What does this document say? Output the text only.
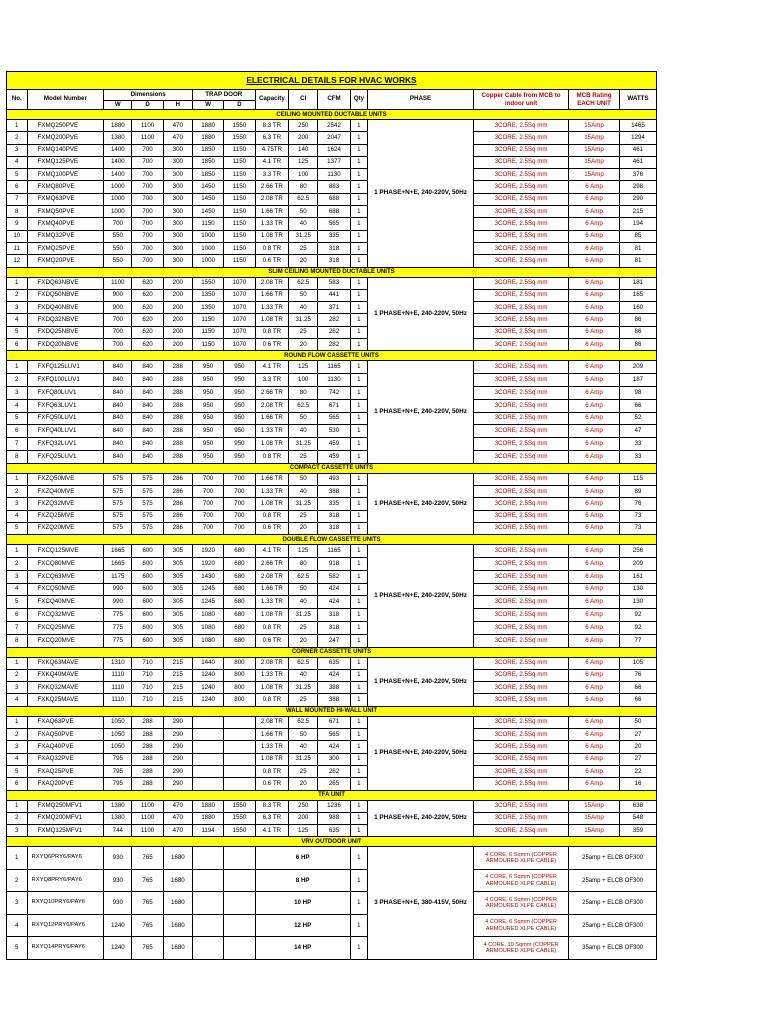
ELECTRICAL DETAILS FOR HVAC WORKS														
No.	Model Number	Dimensions			TRAP DOOR		Capacity	CI	CFM	Qty	PHASE	Copper Cable from MCB to indoor unit	MCB Rating EACH UNIT	WATTS
		W	D	H	W	D								
CEILING MOUNTED DUCTABLE UNITS														
1	FXMQ250PVE	1880	1100	470	1880	1550	8.3 TR	250	2542	1	1 PHASE+N+E, 240-220V, 50Hz	3CORE, 2.5Sq mm	15Amp	1465
2	FXMQ200PVE	1380	1100	470	1880	1550	6.3 TR	200	2047	1		3CORE, 2.5Sq mm	15Amp	1294
3	FXMQ140PVE	1400	700	300	1850	1150	4.75TR	140	1624	1		3CORE, 2.5Sq mm	15Amp	461
4	FXMQ125PVE	1400	700	300	1850	1150	4.1 TR	125	1377	1		3CORE, 2.5Sq mm	15Amp	461
5	FXMQ100PVE	1400	700	300	1850	1150	3.3 TR	100	1130	1		3CORE, 2.5Sq mm	15Amp	376
6	FXMQ80PVE	1000	700	300	1450	1150	2.66 TR	80	883	1		3CORE, 2.5Sq mm	6 Amp	298
7	FXMQ63PVE	1000	700	300	1450	1150	2.08 TR	62.5	688	1		3CORE, 2.5Sq mm	6 Amp	290
8	FXMQ50PVE	1000	700	300	1450	1150	1.66 TR	50	688	1		3CORE, 2.5Sq mm	6 Amp	215
9	FXMQ40PVE	700	700	300	1150	1150	1.33 TR	40	565	1		3CORE, 2.5Sq mm	6 Amp	194
10	FXMQ32PVE	550	700	300	1000	1150	1.08 TR	31.25	335	1		3CORE, 2.5Sq mm	6 Amp	85
11	FXMQ25PVE	550	700	300	1000	1150	0.8 TR	25	318	1		3CORE, 2.5Sq mm	6 Amp	81
12	FXMQ20PVE	550	700	300	1000	1150	0.6 TR	20	318	1		3CORE, 2.5Sq mm	6 Amp	81
SLIM CEILING MOUNTED DUCTABLE UNITS														
1	FXDQ63NBVE	1100	620	200	1550	1070	2.08 TR	62.5	583	1	1 PHASE+N+E, 240-220V, 50Hz	3CORE, 2.5Sq mm	6 Amp	181
2	FXDQ50NBVE	900	620	200	1350	1070	1.66 TR	50	441	1		3CORE, 2.5Sq mm	6 Amp	165
3	FXDQ40NBVE	900	620	200	1350	1070	1.33 TR	40	371	1		3CORE, 2.5Sq mm	6 Amp	160
4	FXDQ32NBVE	700	620	200	1150	1070	1.08 TR	31.25	282	1		3CORE, 2.5Sq mm	6 Amp	86
5	FXDQ25NBVE	700	620	200	1150	1070	0.8 TR	25	282	1		3CORE, 2.5Sq mm	6 Amp	86
6	FXDQ20NBVE	700	620	200	1150	1070	0.6 TR	20	282	1		3CORE, 2.5Sq mm	6 Amp	86
ROUND FLOW CASSETTE UNITS														
1	FXFQ125LUV1	840	840	288	950	950	4.1 TR	125	1165	1	1 PHASE+N+E, 240-220V, 50Hz	3CORE, 2.5Sq mm	6 Amp	209
2	FXFQ100LUV1	840	840	288	950	950	3.3 TR	100	1130	1		3CORE, 2.5Sq mm	6 Amp	187
3	FXFQ80LUV1	840	840	288	950	950	2.66 TR	80	742	1		3CORE, 2.5Sq mm	6 Amp	98
4	FXFQ63LUV1	840	840	288	950	950	2.08 TR	62.5	671	1		3CORE, 2.5Sq mm	6 Amp	66
5	FXFQ50LUV1	840	840	288	950	950	1.66 TR	50	565	1		3CORE, 2.5Sq mm	6 Amp	52
6	FXFQ40LUV1	840	840	288	950	950	1.33 TR	40	530	1		3CORE, 2.5Sq mm	6 Amp	47
7	FXFQ32LUV1	840	840	288	950	950	1.08 TR	31.25	459	1		3CORE, 2.5Sq mm	6 Amp	33
8	FXFQ25LUV1	840	840	288	950	950	0.8 TR	25	459	1		3CORE, 2.5Sq mm	6 Amp	33
COMPACT CASSETTE UNITS														
1	FXZQ50MVE	575	575	286	700	700	1.66 TR	50	493	1	1 PHASE+N+E, 240-220V, 50Hz	3CORE, 2.5Sq mm	6 Amp	115
2	FXZQ40MVE	575	575	286	700	700	1.33 TR	40	388	1		3CORE, 2.5Sq mm	6 Amp	89
3	FXZQ32MVE	575	575	286	700	700	1.08 TR	31.25	335	1		3CORE, 2.5Sq mm	6 Amp	76
4	FXZQ25MVE	575	575	286	700	700	0.8 TR	25	318	1		3CORE, 2.5Sq mm	6 Amp	73
5	FXZQ20MVE	575	575	286	700	700	0.6 TR	20	318	1		3CORE, 2.5Sq mm	6 Amp	73
DOUBLE FLOW CASSETTE UNITS														
1	FXCQ125MVE	1665	600	305	1920	680	4.1 TR	125	1165	1	1 PHASE+N+E, 240-220V, 50Hz	3CORE, 2.5Sq mm	6 Amp	256
2	FXCQ80MVE	1665	600	305	1920	680	2.66 TR	80	918	1		3CORE, 2.5Sq mm	6 Amp	209
3	FXCQ63MVE	1175	600	305	1430	680	2.08 TR	62.5	582	1		3CORE, 2.5Sq mm	6 Amp	161
4	FXCQ50MVE	990	600	305	1245	680	1.66 TR	50	424	1		3CORE, 2.5Sq mm	6 Amp	130
5	FXCQ40MVE	990	600	305	1245	680	1.33 TR	40	424	1		3CORE, 2.5Sq mm	6 Amp	130
6	FXCQ32MVE	775	600	305	1080	680	1.08 TR	31.25	318	1		3CORE, 2.5Sq mm	6 Amp	92
7	FXCQ25MVE	775	600	305	1080	680	0.8 TR	25	318	1		3CORE, 2.5Sq mm	6 Amp	92
8	FXCQ20MVE	775	600	305	1080	680	0.6 TR	20	247	1		3CORE, 2.5Sq mm	6 Amp	77
CORNER CASSETTE UNITS														
1	FXKQ63MAVE	1310	710	215	1440	800	2.08 TR	62.5	635	1	1 PHASE+N+E, 240-220V, 50Hz	3CORE, 2.5Sq mm	6 Amp	105
2	FXKQ40MAVE	1110	710	215	1240	800	1.33 TR	40	424	1		3CORE, 2.5Sq mm	6 Amp	76
3	FXKQ32MAVE	1110	710	215	1240	800	1.08 TR	31.25	388	1		3CORE, 2.5Sq mm	6 Amp	66
4	FXKQ25MAVE	1110	710	215	1240	800	0.8 TR	25	388	1		3CORE, 2.5Sq mm	6 Amp	66
WALL MOUNTED HI-WALL UNIT														
1	FXAQ63PVE	1050	288	290			2.08 TR	62.5	671	1	1 PHASE+N+E, 240-220V, 50Hz	3CORE, 2.5Sq mm	6 Amp	50
2	FXAQ50PVE	1050	288	290			1.66 TR	50	565	1		3CORE, 2.5Sq mm	6 Amp	27
3	FXAQ40PVE	1050	288	290			1.33 TR	40	424	1		3CORE, 2.5Sq mm	6 Amp	20
4	FXAQ32PVE	795	288	290			1.08 TR	31.25	300	1		3CORE, 2.5Sq mm	6 Amp	27
5	FXAQ25PVE	795	288	290			0.8 TR	25	282	1		3CORE, 2.5Sq mm	6 Amp	22
6	FXAQ20PVE	795	288	290			0.6 TR	20	265	1		3CORE, 2.5Sq mm	6 Amp	16
TFA UNIT														
1	FXMQ250MFV1	1380	1100	470	1880	1550	8.3 TR	250	1236	1	1 PHASE+N+E, 240-220V, 50Hz	3CORE, 2.5Sq mm	15Amp	638
2	FXMQ200MFV1	1380	1100	470	1880	1550	6.3 TR	200	988	1		3CORE, 2.5Sq mm	15Amp	548
3	FXMQ125MFV1	744	1100	470	1194	1550	4.1 TR	125	635	1		3CORE, 2.5Sq mm	15Amp	359
VRV OUTDOOR UNIT														
1	RXYQ6PRY6/PAY6	930	765	1680			6 HP			1	3 PHASE+N+E, 380-415V, 50Hz	4 CORE, 6 Sqmm (COPPER ARMOURED XLPE CABLE)	25amp + ELCB OF300	
2	RXYQ8PRY6/PAY6	930	765	1680			8 HP			1		4 CORE, 6 Sqmm (COPPER ARMOURED XLPE CABLE)	25amp + ELCB OF300	
3	RXYQ10PRY6/PAY6	930	765	1680			10 HP			1		4 CORE, 6 Sqmm (COPPER ARMOURED XLPE CABLE)	25amp + ELCB OF300	
4	RXYQ12PRY6/PAY6	1240	765	1680			12 HP			1		4 CORE, 6 Sqmm (COPPER ARMOURED XLPE CABLE)	25amp + ELCB OF300	
5	RXYQ14PRY6/PAY6	1240	765	1680			14 HP			1		4 CORE, 10 Sqmm (COPPER ARMOURED XLPE CABLE)	35amp + ELCB OF300	
